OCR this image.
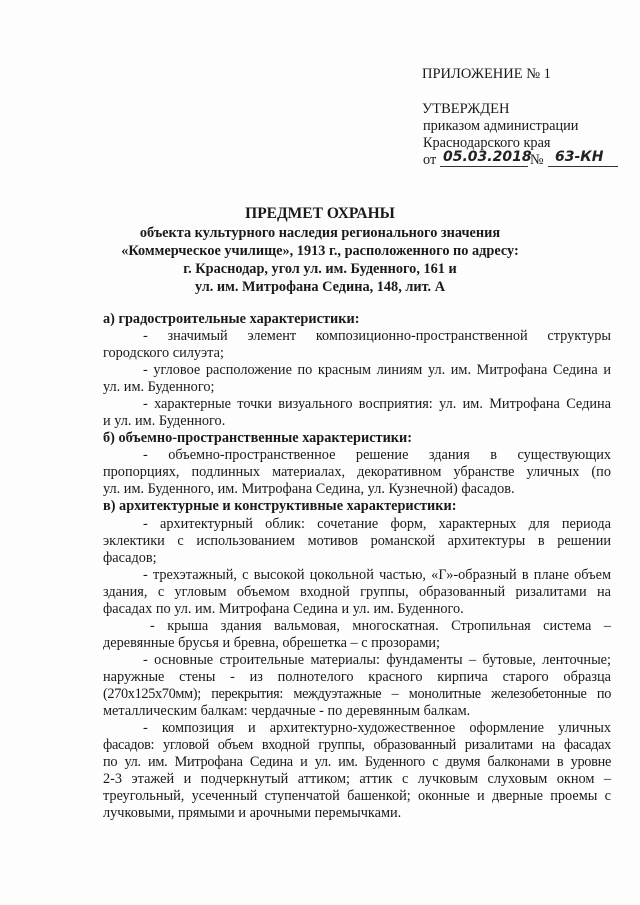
ПРИЛОЖЕНИЕ № 1
УТВЕРЖДЕН
приказом администрации
Краснодарского края
от 05.03.2018
№ 63-КН
ПРЕДМЕТ ОХРАНЫ
объекта культурного наследия регионального значения
«Коммерческое училище», 1913 г., расположенного по адресу:
г. Краснодар, угол ул. им. Буденного, 161 и
ул. им. Митрофана Седина, 148, лит. А
а) градостроительные характеристики:
- значимый элемент композиционно-пространственной структуры
городского силуэта;
- угловое расположение по красным линиям ул. им. Митрофана Седина и
ул. им. Буденного;
- характерные точки визуального восприятия: ул. им. Митрофана Седина
и ул. им. Буденного.
б) объемно-пространственные характеристики:
- объемно-пространственное решение здания в существующих
пропорциях, подлинных материалах, декоративном убранстве уличных (по
ул. им. Буденного, им. Митрофана Седина, ул. Кузнечной) фасадов.
в) архитектурные и конструктивные характеристики:
- архитектурный облик: сочетание форм, характерных для периода
эклектики с использованием мотивов романской архитектуры в решении
фасадов;
- трехэтажный, с высокой цокольной частью, «Г»-образный в плане объем
здания, с угловым объемом входной группы, образованный ризалитами на
фасадах по ул. им. Митрофана Седина и ул. им. Буденного.
- крыша здания вальмовая, многоскатная. Стропильная система –
деревянные брусья и бревна, обрешетка – с прозорами;
- основные строительные материалы: фундаменты – бутовые, ленточные;
наружные стены - из полнотелого красного кирпича старого образца
(270х125х70мм); перекрытия: междуэтажные – монолитные железобетонные по
металлическим балкам: чердачные - по деревянным балкам.
- композиция и архитектурно-художественное оформление уличных
фасадов: угловой объем входной группы, образованный ризалитами на фасадах
по ул. им. Митрофана Седина и ул. им. Буденного с двумя балконами в уровне
2-3 этажей и подчеркнутый аттиком; аттик с лучковым слуховым окном –
треугольный, усеченный ступенчатой башенкой; оконные и дверные проемы с
лучковыми, прямыми и арочными перемычками.
